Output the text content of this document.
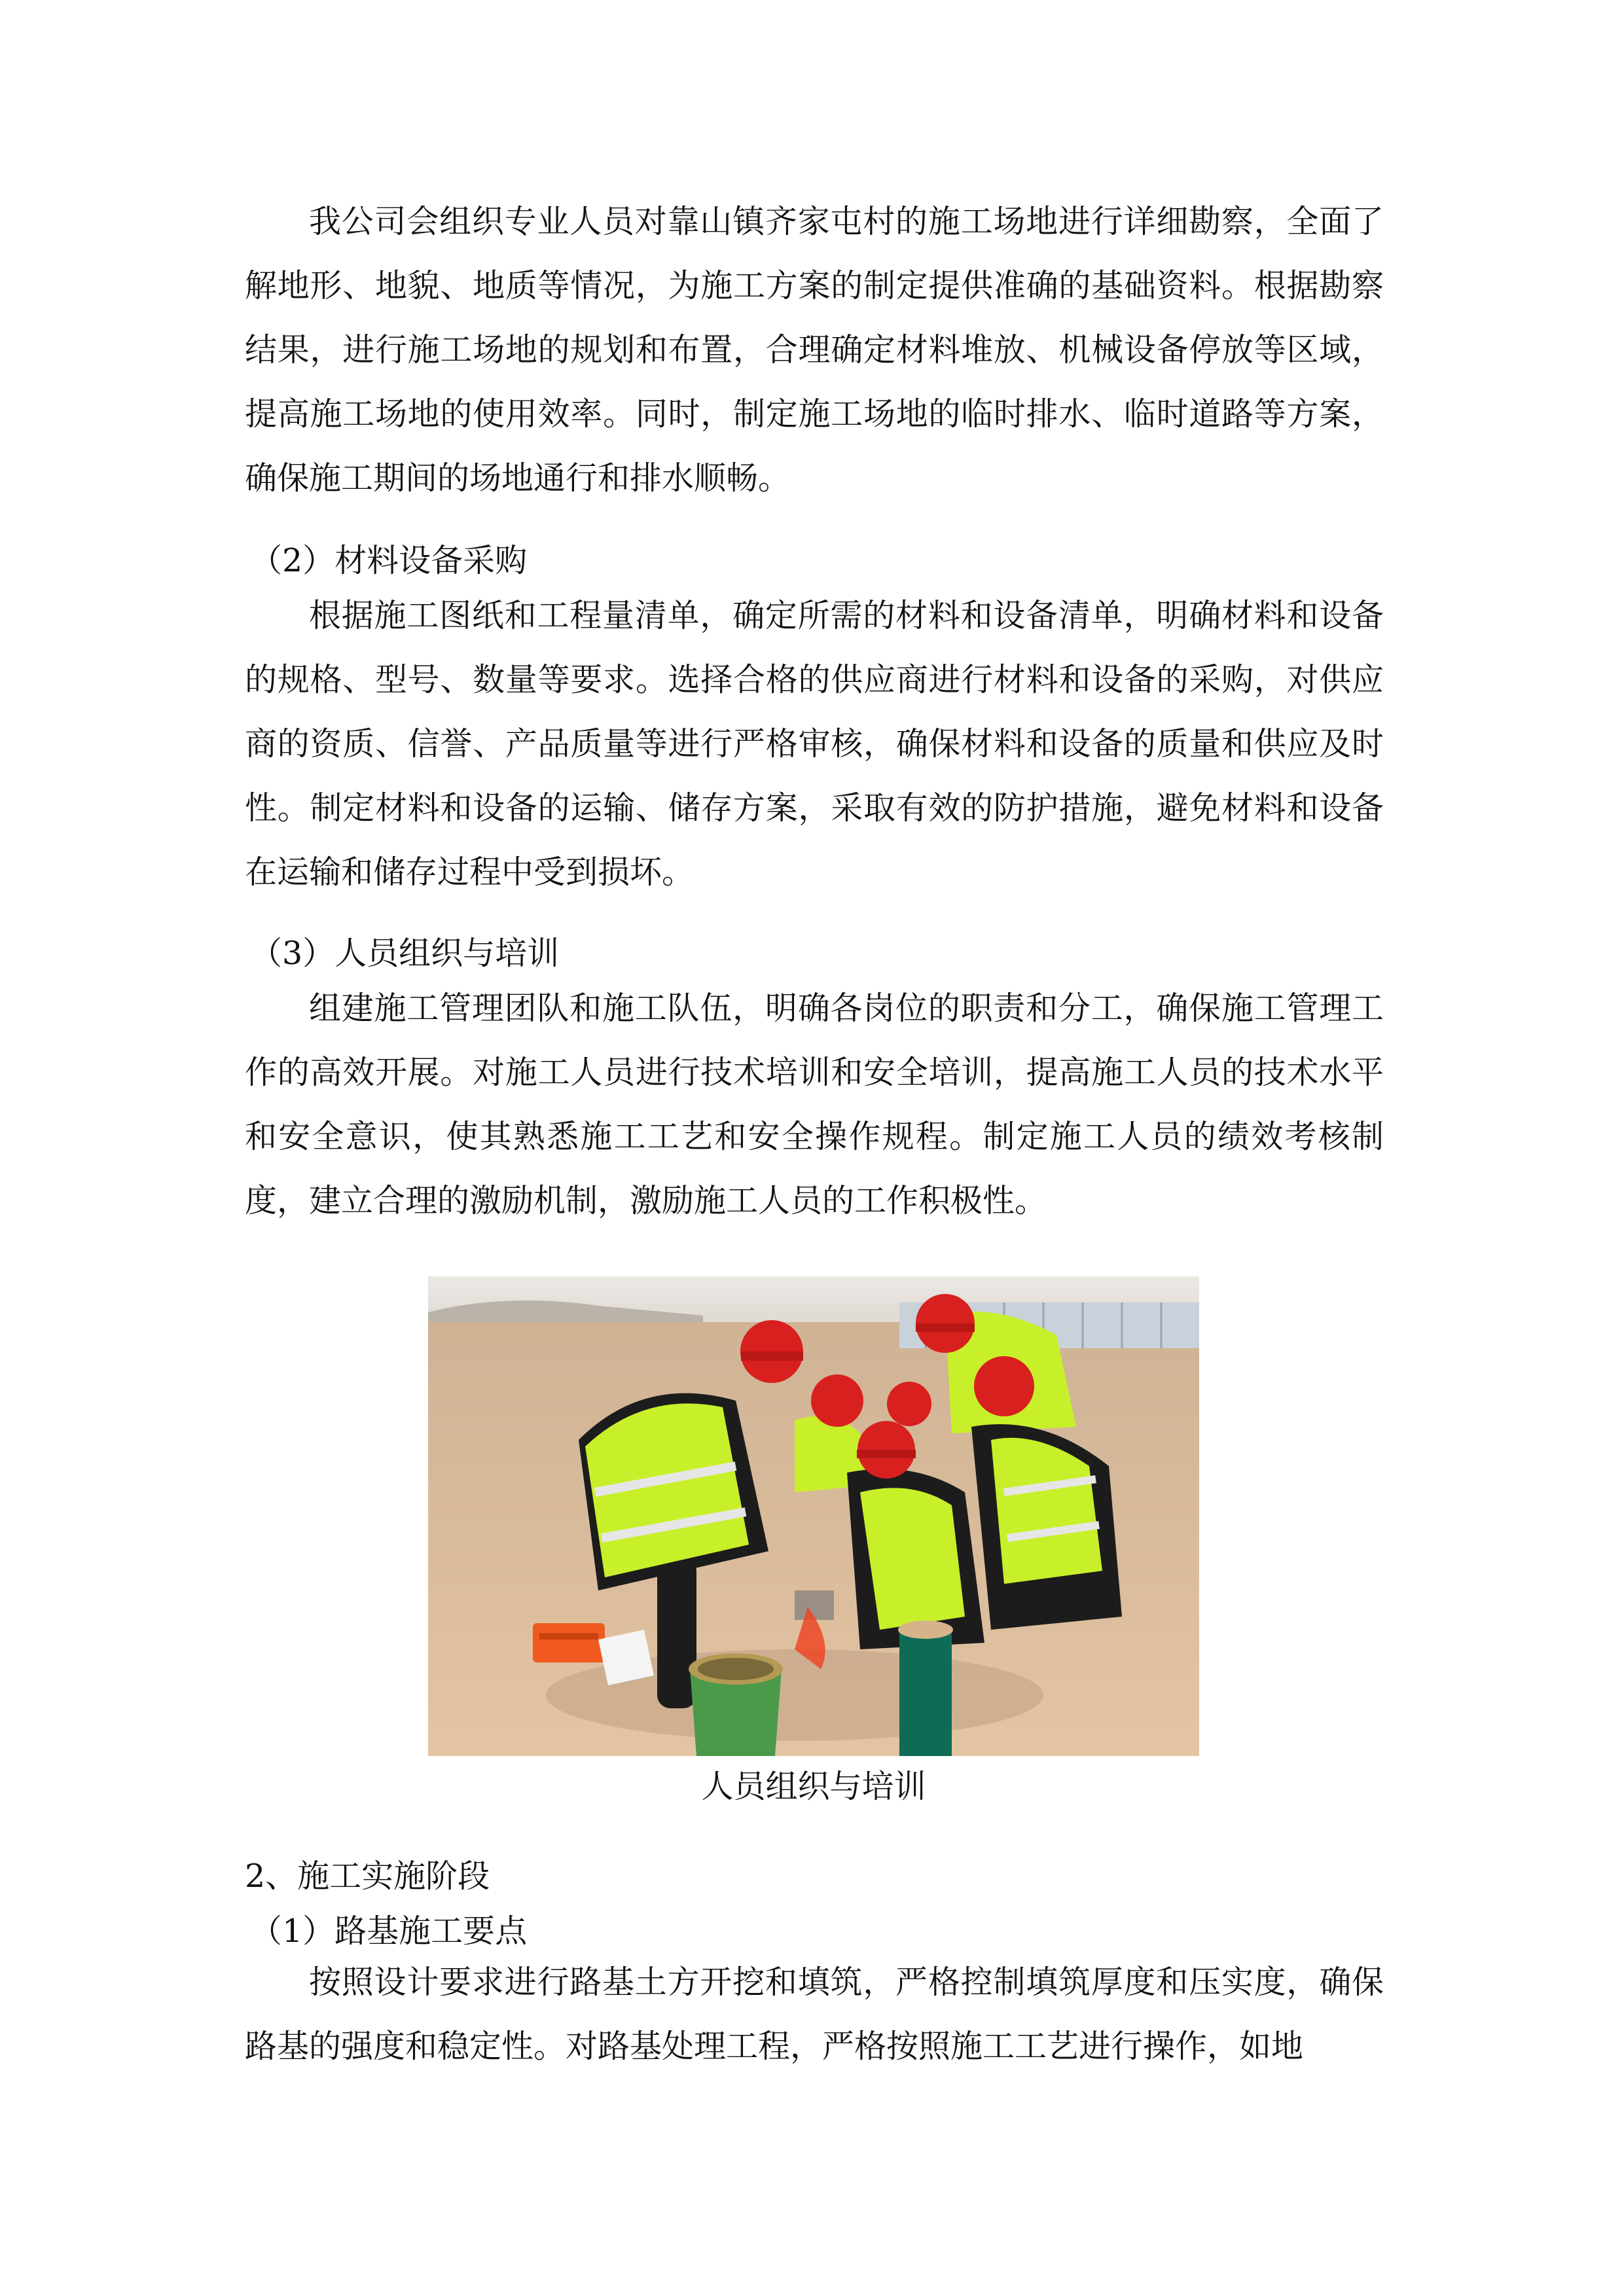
我公司会组织专业人员对靠山镇齐家屯村的施工场地进行详细勘察，全面了解地形、地貌、地质等情况，为施工方案的制定提供准确的基础资料。根据勘察结果，进行施工场地的规划和布置，合理确定材料堆放、机械设备停放等区域，提高施工场地的使用效率。同时，制定施工场地的临时排水、临时道路等方案，确保施工期间的场地通行和排水顺畅。

（2）材料设备采购

根据施工图纸和工程量清单，确定所需的材料和设备清单，明确材料和设备的规格、型号、数量等要求。选择合格的供应商进行材料和设备的采购，对供应商的资质、信誉、产品质量等进行严格审核，确保材料和设备的质量和供应及时性。制定材料和设备的运输、储存方案，采取有效的防护措施，避免材料和设备在运输和储存过程中受到损坏。

（3）人员组织与培训

组建施工管理团队和施工队伍，明确各岗位的职责和分工，确保施工管理工作的高效开展。对施工人员进行技术培训和安全培训，提高施工人员的技术水平和安全意识，使其熟悉施工工艺和安全操作规程。制定施工人员的绩效考核制度，建立合理的激励机制，激励施工人员的工作积极性。

人员组织与培训

2、施工实施阶段

（1）路基施工要点

按照设计要求进行路基土方开挖和填筑，严格控制填筑厚度和压实度，确保路基的强度和稳定性。对路基处理工程，严格按照施工工艺进行操作，如地
